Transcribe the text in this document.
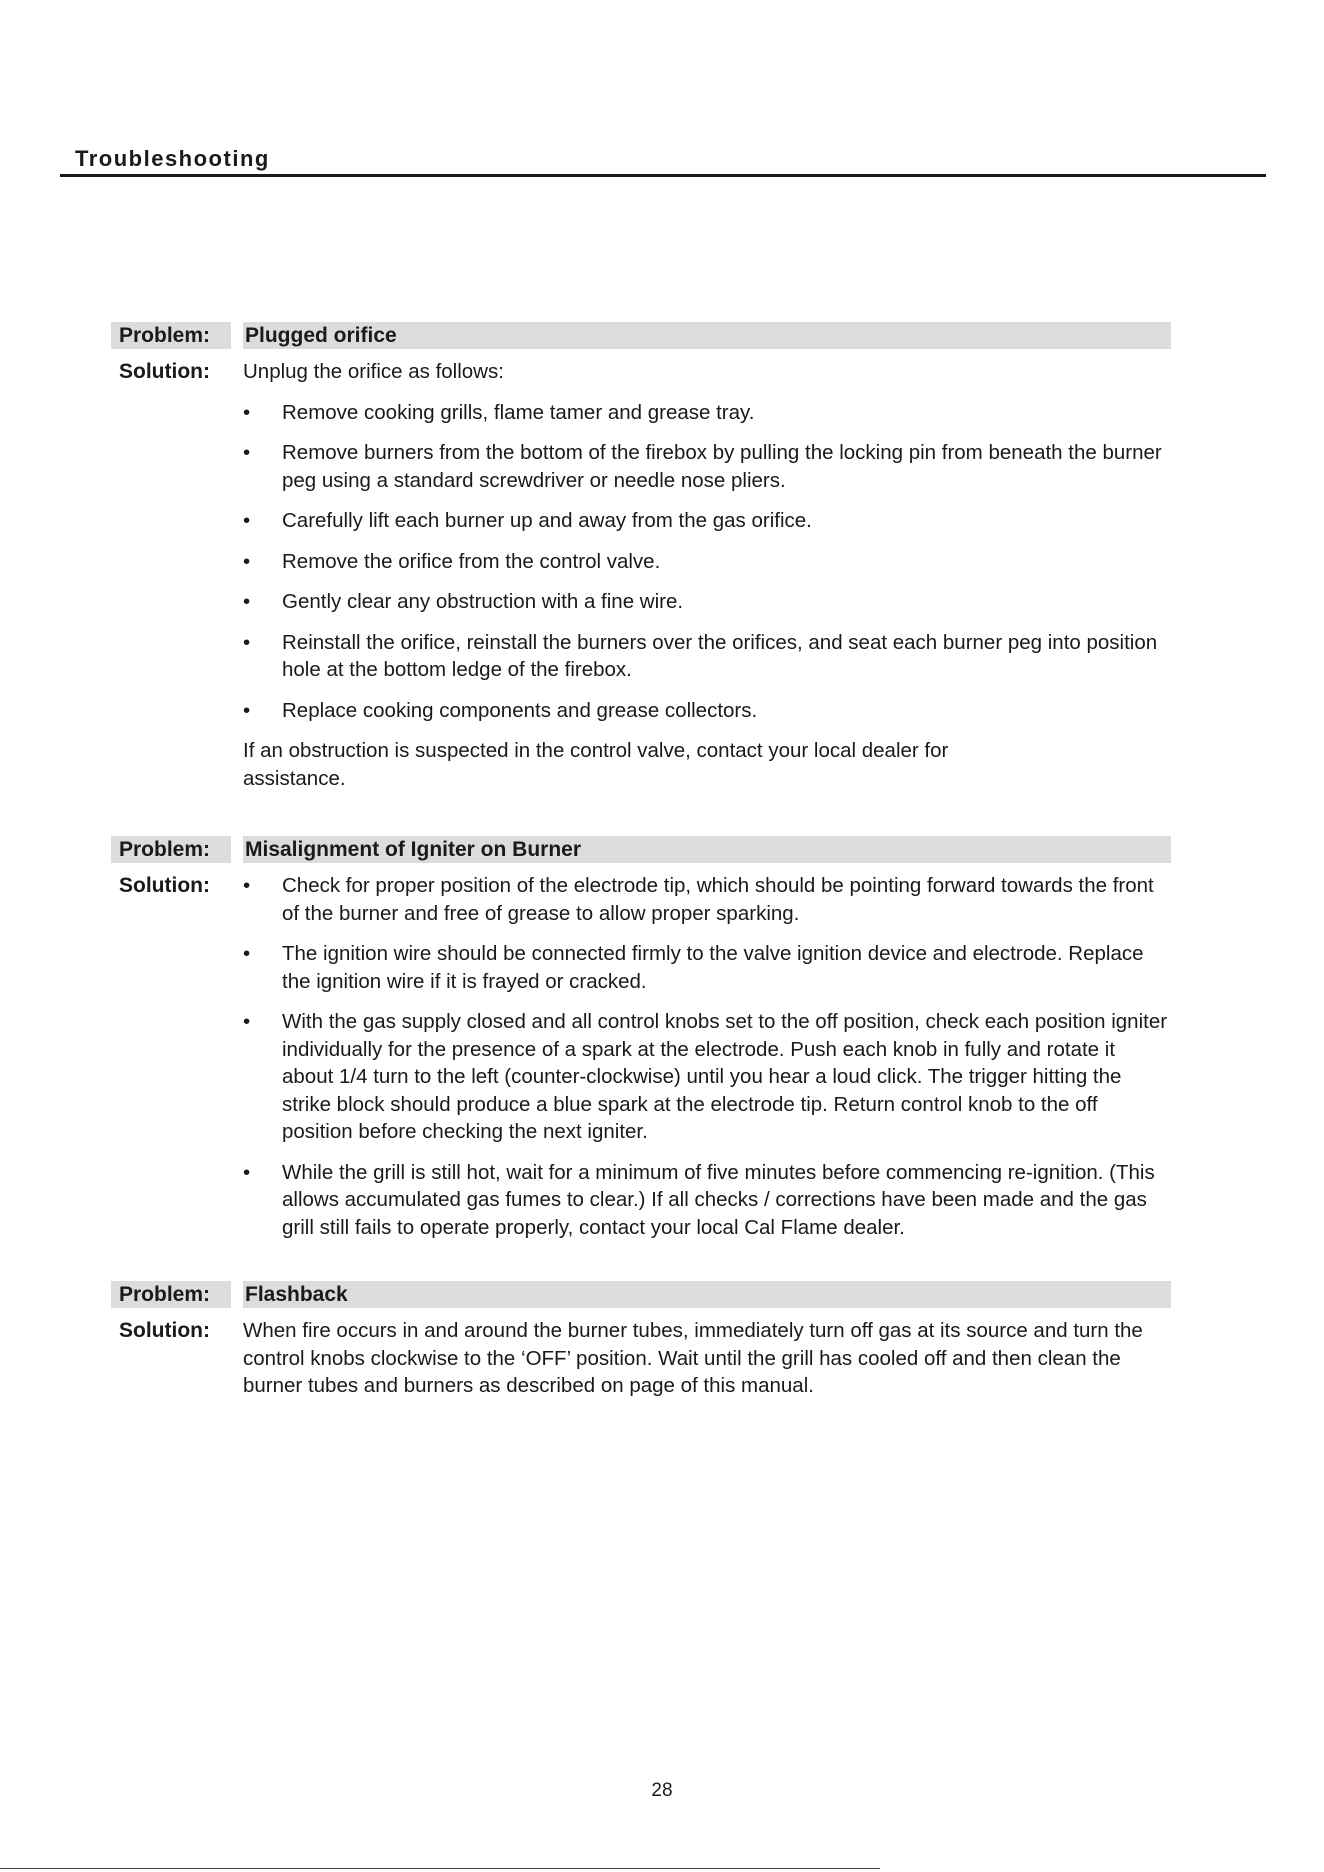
Troubleshooting
Problem:	Plugged orifice
Solution:	Unplug the orifice as follows:

• Remove cooking grills, flame tamer and grease tray.
• Remove burners from the bottom of the firebox by pulling the locking pin from beneath the burner peg using a standard screwdriver or needle nose pliers.
• Carefully lift each burner up and away from the gas orifice.
• Remove the orifice from the control valve.
• Gently clear any obstruction with a fine wire.
• Reinstall the orifice, reinstall the burners over the orifices, and seat each burner peg into position hole at the bottom ledge of the firebox.
• Replace cooking components and grease collectors.

If an obstruction is suspected in the control valve, contact your local dealer for assistance.

Problem:	Misalignment of Igniter on Burner
Solution:
•	Check for proper position of the electrode tip, which should be pointing forward towards the front of the burner and free of grease to allow proper sparking.
• The ignition wire should be connected firmly to the valve ignition device and electrode. Replace the ignition wire if it is frayed or cracked.
• With the gas supply closed and all control knobs set to the off position, check each position igniter individually for the presence of a spark at the electrode. Push each knob in fully and rotate it about 1/4 turn to the left (counter-clockwise) until you hear a loud click. The trigger hitting the strike block should produce a blue spark at the electrode tip. Return control knob to the off position before checking the next igniter.
• While the grill is still hot, wait for a minimum of five minutes before commencing re-ignition. (This allows accumulated gas fumes to clear.) If all checks / corrections have been made and the gas grill still fails to operate properly, contact your local Cal Flame dealer.
Problem:	Flashback
Solution:	When fire occurs in and around the burner tubes, immediately turn off gas at its source and turn the control knobs clockwise to the ‘OFF’ position. Wait until the grill has cooled off and then clean the burner tubes and burners as described on page of this manual.

28
